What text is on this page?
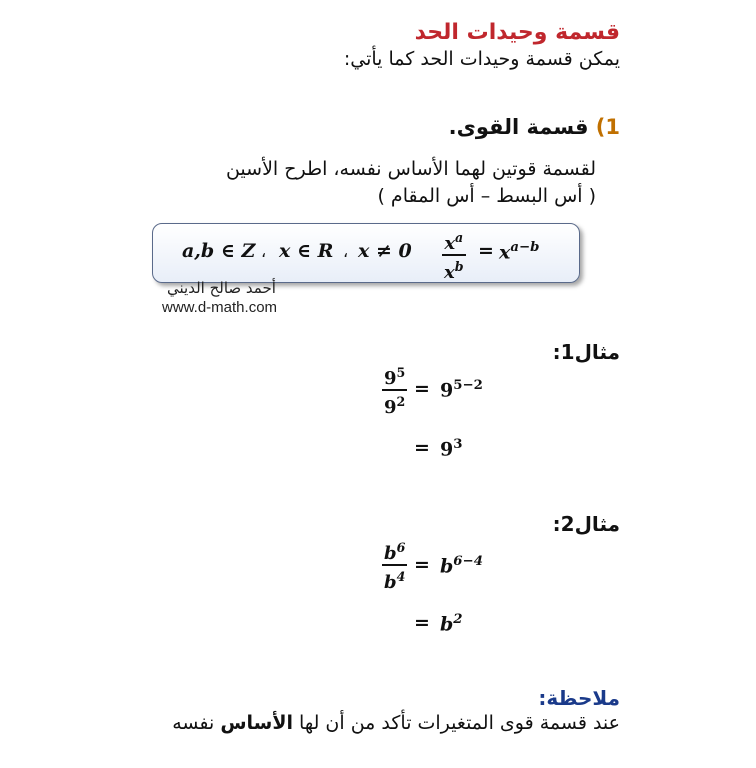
قسمة وحيدات الحد
يمكن قسمة وحيدات الحد كما يأتي:
1) قسمة القوى.
لقسمة قوتين لهما الأساس نفسه، اطرح الأسين
( أس البسط – أس المقام )
a,b ∈ Z ، x ∈ R ، x ≠ 0 $x^a$
$x^b$
= $x^{a-b}$
أحمد صالح الديني
www.d-math.com
مثال1:
$9^5$
$9^2$
= $9^{5-2}$
= $9^3$
مثال2:
$b^6$
$b^4$
= $b^{6-4}$
= $b^2$
ملاحظة:
عند قسمة قوى المتغيرات تأكد من أن لها الأساس نفسه
